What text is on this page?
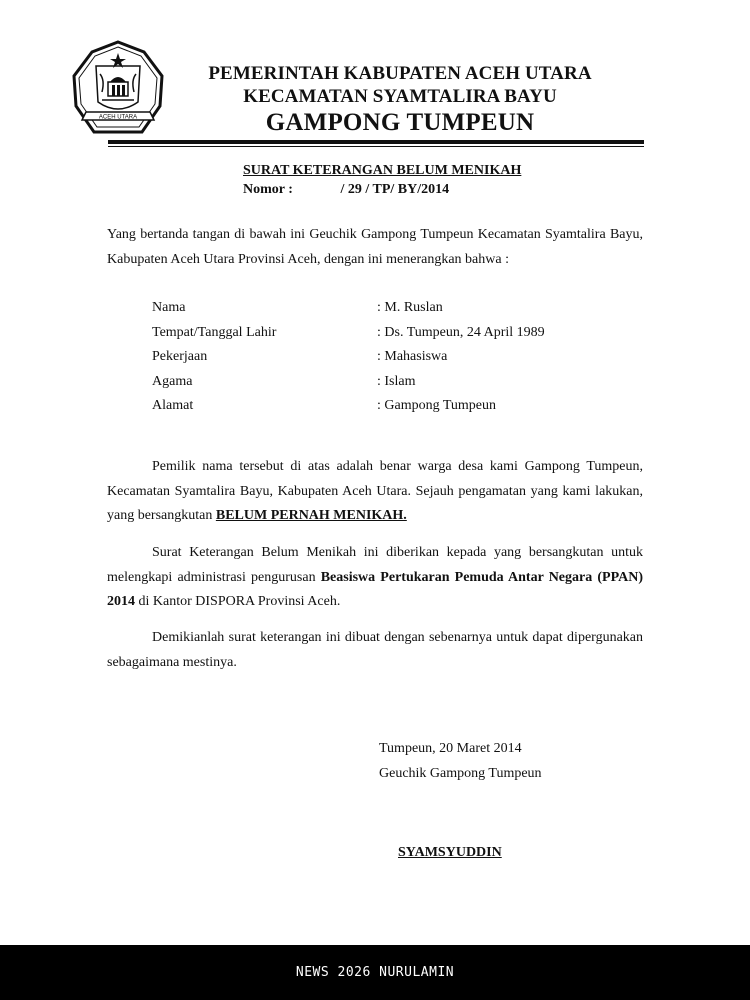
ACEH UTARA
PEMERINTAH KABUPATEN ACEH UTARA
KECAMATAN SYAMTALIRA BAYU
GAMPONG TUMPEUN
SURAT KETERANGAN BELUM MENIKAH
Nomor :	/ 29 / TP/ BY/2014

Yang bertanda tangan di bawah ini Geuchik Gampong Tumpeun Kecamatan Syamtalira Bayu, Kabupaten Aceh Utara Provinsi Aceh, dengan ini menerangkan bahwa :

Nama	: M. Ruslan
Tempat/Tanggal Lahir	: Ds. Tumpeun, 24 April 1989
Pekerjaan	: Mahasiswa
Agama	: Islam
Alamat	: Gampong Tumpeun

Pemilik nama tersebut di atas adalah benar warga desa kami Gampong Tumpeun, Kecamatan Syamtalira Bayu, Kabupaten Aceh Utara. Sejauh pengamatan yang kami lakukan, yang bersangkutan BELUM PERNAH MENIKAH.

Surat Keterangan Belum Menikah ini diberikan kepada yang bersangkutan untuk melengkapi administrasi pengurusan Beasiswa Pertukaran Pemuda Antar Negara (PPAN) 2014 di Kantor DISPORA Provinsi Aceh.

Demikianlah surat keterangan ini dibuat dengan sebenarnya untuk dapat dipergunakan sebagaimana mestinya.

Tumpeun, 20 Maret 2014
Geuchik Gampong Tumpeun
SYAMSYUDDIN
NEWS 2026 NURULAMIN
